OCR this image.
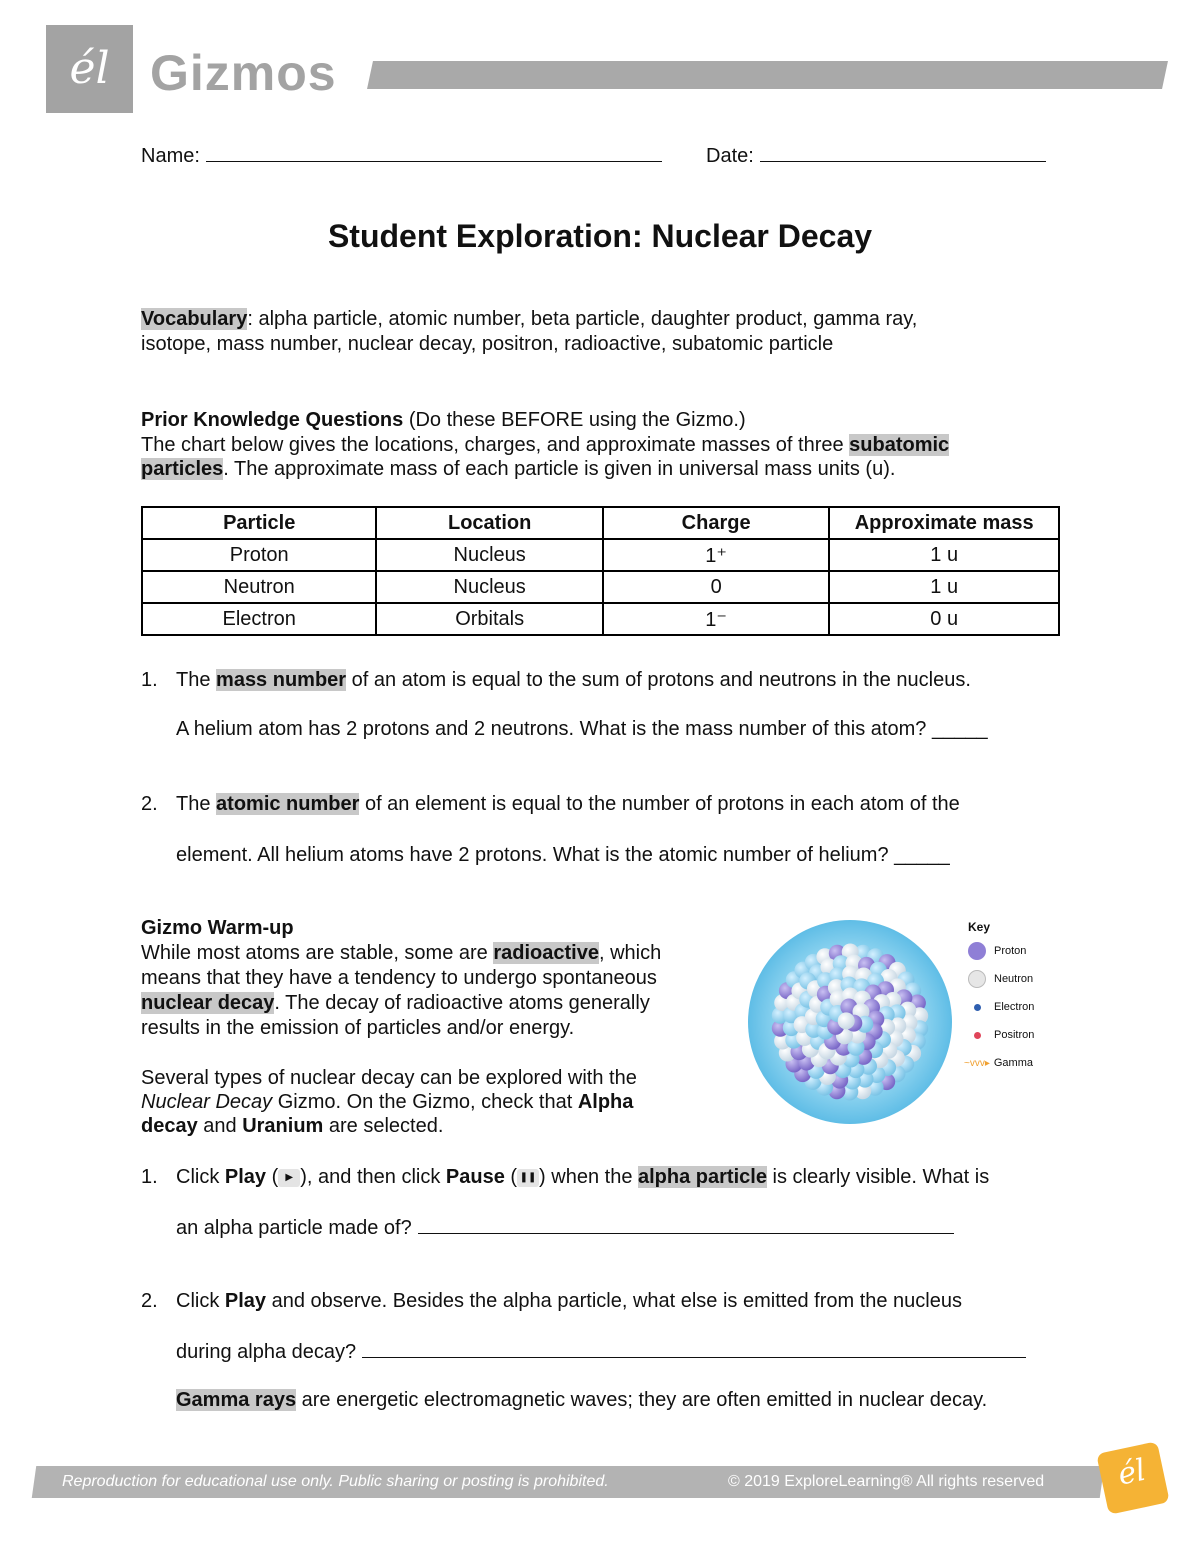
él Gizmos
Name:	Date:
Student Exploration: Nuclear Decay
Vocabulary: alpha particle, atomic number, beta particle, daughter product, gamma ray,
isotope, mass number, nuclear decay, positron, radioactive, subatomic particle
Prior Knowledge Questions (Do these BEFORE using the Gizmo.)
The chart below gives the locations, charges, and approximate masses of three subatomic
particles. The approximate mass of each particle is given in universal mass units (u).
Particle	Location	Charge	Approximate mass
Proton	Nucleus	1⁺	1 u
Neutron	Nucleus	0	1 u
Electron	Orbitals	1⁻	0 u
1. The mass number of an atom is equal to the sum of protons and neutrons in the nucleus.
A helium atom has 2 protons and 2 neutrons. What is the mass number of this atom? _____
2. The atomic number of an element is equal to the number of protons in each atom of the
element. All helium atoms have 2 protons. What is the atomic number of helium? _____
Gizmo Warm-up
While most atoms are stable, some are radioactive, which
means that they have a tendency to undergo spontaneous
nuclear decay. The decay of radioactive atoms generally
results in the emission of particles and/or energy.
Several types of nuclear decay can be explored with the
Nuclear Decay Gizmo. On the Gizmo, check that Alpha
decay and Uranium are selected.
Key
Proton
Neutron
Electron
Positron
~vvv▸ Gamma
1. Click Play ( ▶ ), and then click Pause ( ❚❚ ) when the alpha particle is clearly visible. What is
an alpha particle made of?
2. Click Play and observe. Besides the alpha particle, what else is emitted from the nucleus
during alpha decay?
Gamma rays are energetic electromagnetic waves; they are often emitted in nuclear decay.
Reproduction for educational use only. Public sharing or posting is prohibited.	© 2019 ExploreLearning® All rights reserved	él
